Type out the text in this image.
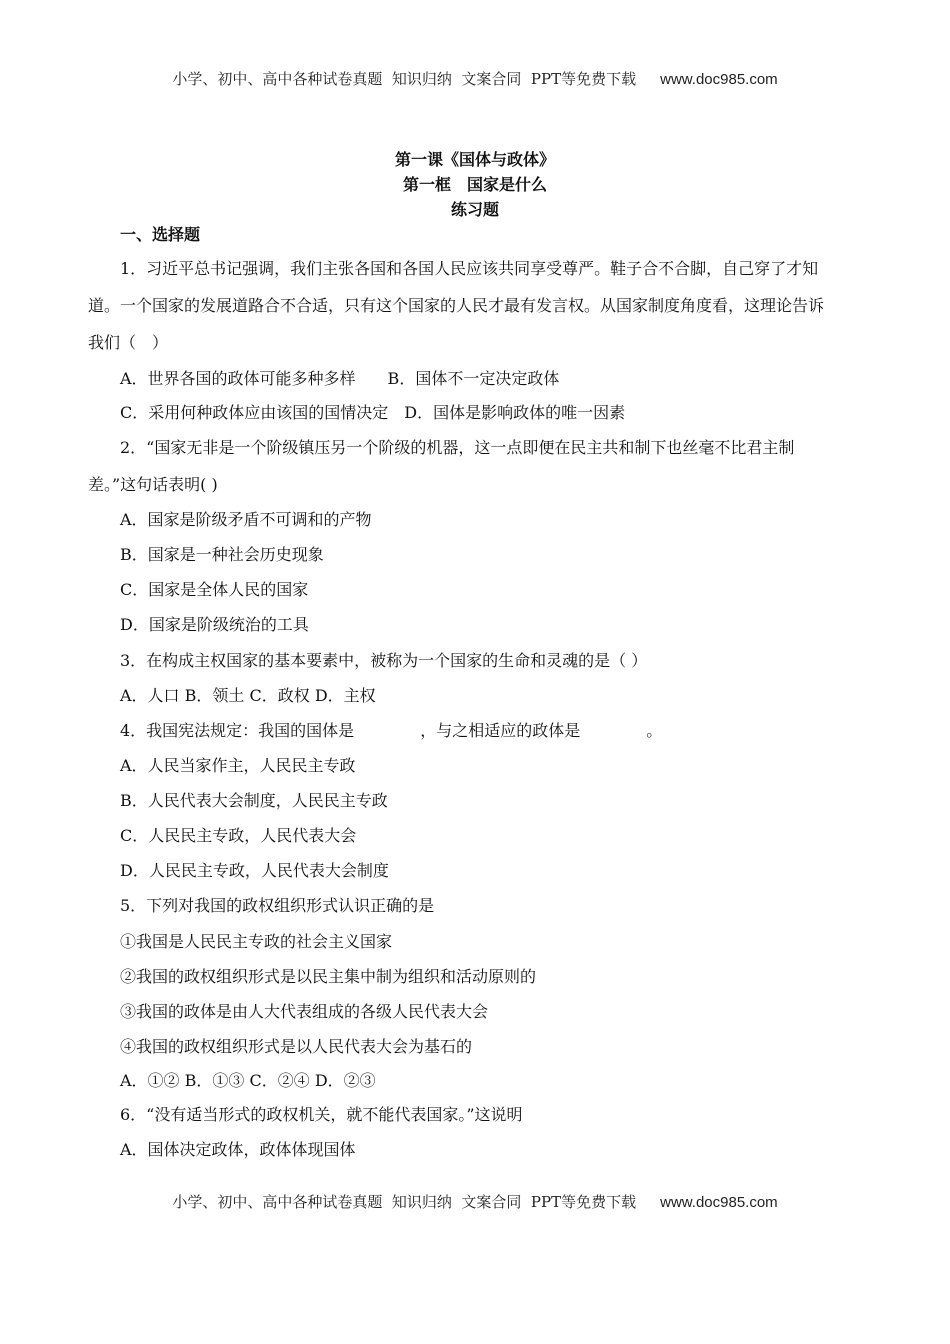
小学、初中、高中各种试卷真题  知识归纳  文案合同  PPT等免费下载 www.doc985.com
第一课《国体与政体》
第一框　国家是什么
练习题
一、选择题
1．习近平总书记强调，我们主张各国和各国人民应该共同享受尊严。鞋子合不合脚，自己穿了才知
道。一个国家的发展道路合不合适，只有这个国家的人民才最有发言权。从国家制度角度看，这理论告诉
我们（　）
A．世界各国的政体可能多种多样　　B．国体不一定决定政体
C．采用何种政体应由该国的国情决定　D．国体是影响政体的唯一因素
2．“国家无非是一个阶级镇压另一个阶级的机器，这一点即便在民主共和制下也丝毫不比君主制
差。”这句话表明( )
A．国家是阶级矛盾不可调和的产物
B．国家是一种社会历史现象
C．国家是全体人民的国家
D．国家是阶级统治的工具
3．在构成主权国家的基本要素中，被称为一个国家的生命和灵魂的是（ ）
A．人口 B．领土 C．政权 D．主权
4．我国宪法规定：我国的国体是	，与之相适应的政体是	。
A．人民当家作主，人民民主专政
B．人民代表大会制度，人民民主专政
C．人民民主专政，人民代表大会
D．人民民主专政，人民代表大会制度
5．下列对我国的政权组织形式认识正确的是
①我国是人民民主专政的社会主义国家
②我国的政权组织形式是以民主集中制为组织和活动原则的
③我国的政体是由人大代表组成的各级人民代表大会
④我国的政权组织形式是以人民代表大会为基石的
A．①② B．①③ C．②④ D．②③
6．“没有适当形式的政权机关，就不能代表国家。”这说明
A．国体决定政体，政体体现国体
小学、初中、高中各种试卷真题  知识归纳  文案合同  PPT等免费下载 www.doc985.com
